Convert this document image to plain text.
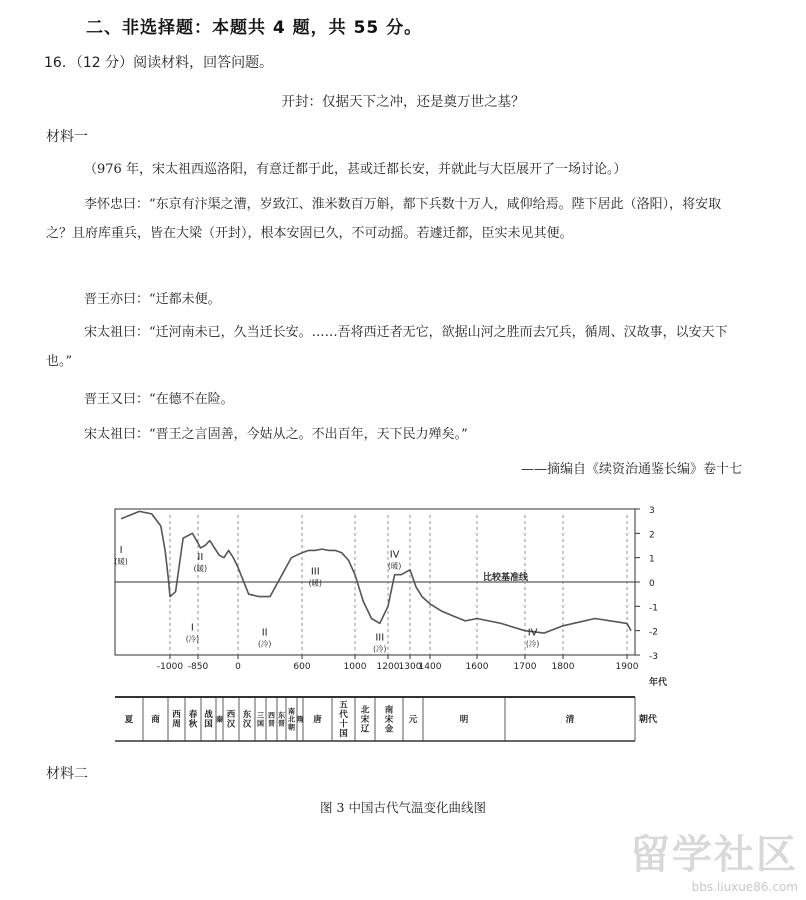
二、非选择题：本题共 4 题，共 55 分。
16．（12 分）阅读材料，回答问题。
开封：仅据天下之冲，还是奠万世之基？
材料一
（976 年，宋太祖西巡洛阳，有意迁都于此，甚或迁都长安，并就此与大臣展开了一场讨论。）
李怀忠曰：“东京有汴渠之漕，岁致江、淮米数百万斛，都下兵数十万人，咸仰给焉。陛下居此（洛阳），将安取之？且府库重兵，皆在大梁（开封），根本安固已久，不可动摇。若遽迁都，臣实未见其便。
晋王亦曰：“迁都未便。
宋太祖曰：“迁河南未已，久当迁长安。……吾将西迁者无它，欲据山河之胜而去冗兵，循周、汉故事，以安天下也。”
晋王又曰：“在德不在险。
宋太祖曰：“晋王之言固善，今姑从之。不出百年，天下民力殚矣。”
——摘编自《续资治通鉴长编》卷十七
3
2
1
0
-1
-2
-3
比较基准线
-1000 -850	0	600	1000 1200 1300
1400	1600	1700 1800	1900
年代
I
(暖)	II
(暖)	III
(暖)
IV
(暖)
I
(冷)
II
(冷)
III
(冷)
IV
(冷)
夏 商 西周
春秋
战国
秦 西汉
东汉
三国
西晋
东晋
南北朝
隋 唐
五代十国
北宋辽
南宋金
元	明	清	朝代
材料二
图 3 中国古代气温变化曲线图
留学社区
bbs.liuxue86.com
